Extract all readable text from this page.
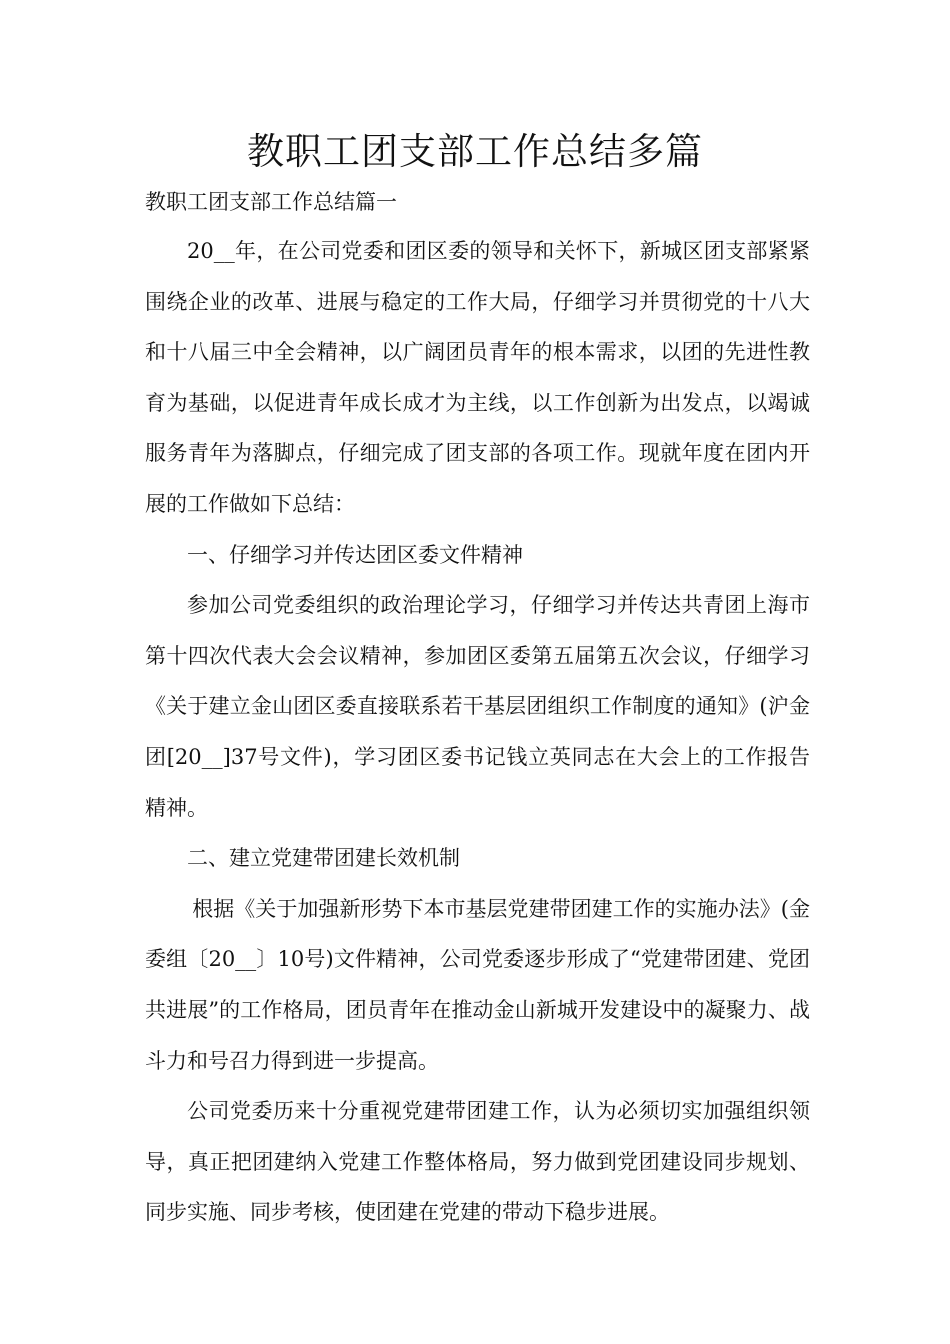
教职工团支部工作总结多篇
教职工团支部工作总结篇一

20__年，在公司党委和团区委的领导和关怀下，新城区团支部紧紧围绕企业的改革、进展与稳定的工作大局，仔细学习并贯彻党的十八大和十八届三中全会精神，以广阔团员青年的根本需求，以团的先进性教育为基础，以促进青年成长成才为主线，以工作创新为出发点，以竭诚服务青年为落脚点，仔细完成了团支部的各项工作。现就年度在团内开展的工作做如下总结：

一、仔细学习并传达团区委文件精神

参加公司党委组织的政治理论学习，仔细学习并传达共青团上海市第十四次代表大会会议精神，参加团区委第五届第五次会议，仔细学习《关于建立金山团区委直接联系若干基层团组织工作制度的通知》(沪金团[20__]37号文件)，学习团区委书记钱立英同志在大会上的工作报告精神。

二、建立党建带团建长效机制

根据《关于加强新形势下本市基层党建带团建工作的实施办法》(金委组〔20__〕10号)文件精神，公司党委逐步形成了“党建带团建、党团共进展”的工作格局，团员青年在推动金山新城开发建设中的凝聚力、战斗力和号召力得到进一步提高。

公司党委历来十分重视党建带团建工作，认为必须切实加强组织领导，真正把团建纳入党建工作整体格局，努力做到党团建设同步规划、同步实施、同步考核，使团建在党建的带动下稳步进展。
